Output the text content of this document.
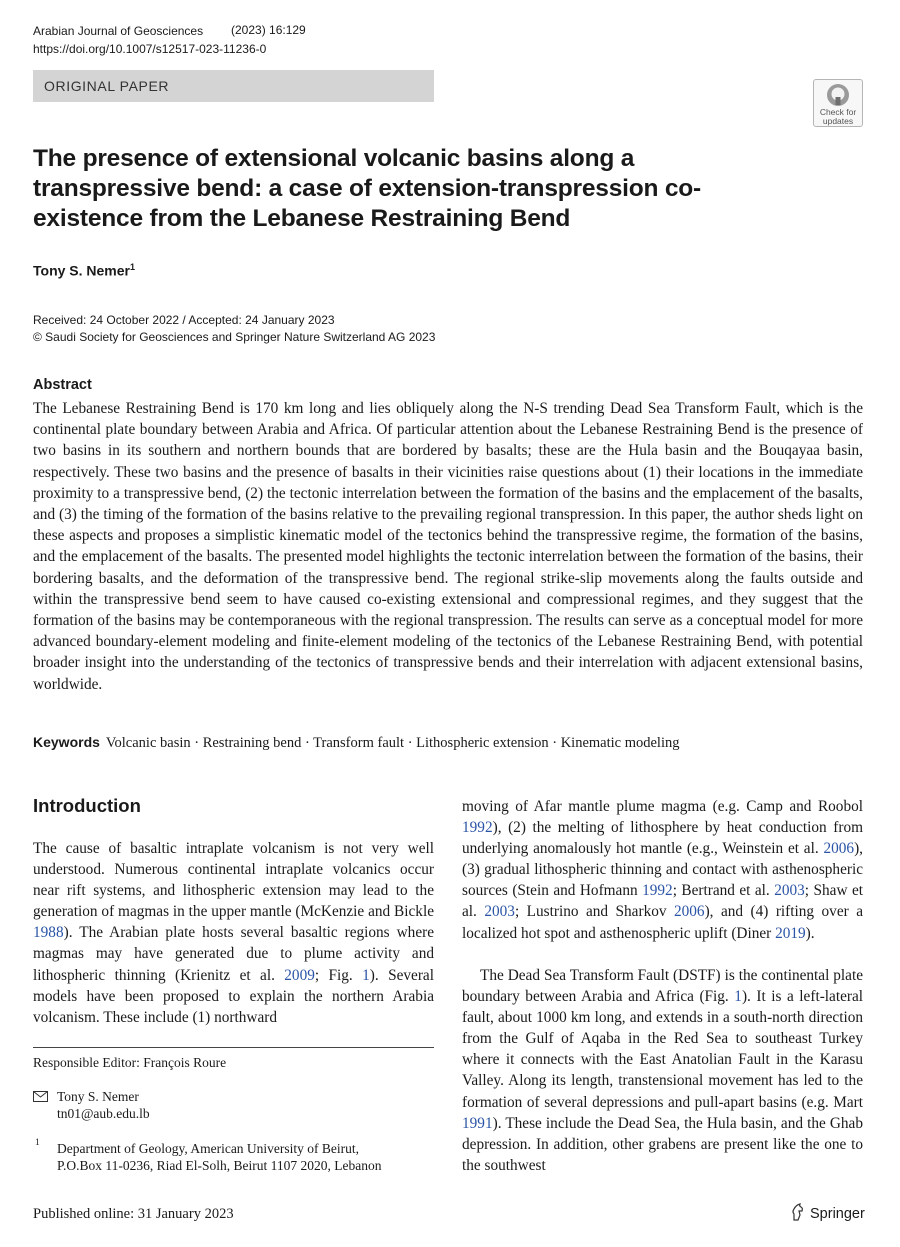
Arabian Journal of Geosciences (2023) 16:129
https://doi.org/10.1007/s12517-023-11236-0
ORIGINAL PAPER
Check for updates
The presence of extensional volcanic basins along a transpressive bend: a case of extension-transpression co-existence from the Lebanese Restraining Bend
Tony S. Nemer$^1$
Received: 24 October 2022 / Accepted: 24 January 2023
© Saudi Society for Geosciences and Springer Nature Switzerland AG 2023
Abstract

The Lebanese Restraining Bend is 170 km long and lies obliquely along the N-S trending Dead Sea Transform Fault, which is the continental plate boundary between Arabia and Africa. Of particular attention about the Lebanese Restraining Bend is the presence of two basins in its southern and northern bounds that are bordered by basalts; these are the Hula basin and the Bouqayaa basin, respectively. These two basins and the presence of basalts in their vicinities raise questions about (1) their locations in the immediate proximity to a transpressive bend, (2) the tectonic interrelation between the formation of the basins and the emplacement of the basalts, and (3) the timing of the formation of the basins relative to the prevailing regional transpression. In this paper, the author sheds light on these aspects and proposes a simplistic kinematic model of the tectonics behind the transpressive regime, the formation of the basins, and the emplacement of the basalts. The presented model highlights the tectonic interrelation between the formation of the basins, their bordering basalts, and the deformation of the transpressive bend. The regional strike-slip movements along the faults outside and within the transpressive bend seem to have caused co-existing extensional and compressional regimes, and they suggest that the formation of the basins may be contemporaneous with the regional transpression. The results can serve as a conceptual model for more advanced boundary-element modeling and finite-element modeling of the tectonics of the Lebanese Restraining Bend, with potential broader insight into the understanding of the tectonics of transpressive bends and their interrelation with adjacent extensional basins, worldwide.

Keywords Volcanic basin · Restraining bend · Transform fault · Lithospheric extension · Kinematic modeling
Introduction

The cause of basaltic intraplate volcanism is not very well understood. Numerous continental intraplate volcanics occur near rift systems, and lithospheric extension may lead to the generation of magmas in the upper mantle (McKenzie and Bickle 1988). The Arabian plate hosts several basaltic regions where magmas may have generated due to plume activity and lithospheric thinning (Krienitz et al. 2009; Fig. 1). Several models have been proposed to explain the northern Arabia volcanism. These include (1) northward

moving of Afar mantle plume magma (e.g. Camp and Roobol 1992), (2) the melting of lithosphere by heat conduction from underlying anomalously hot mantle (e.g., Weinstein et al. 2006), (3) gradual lithospheric thinning and contact with asthenospheric sources (Stein and Hofmann 1992; Bertrand et al. 2003; Shaw et al. 2003; Lustrino and Sharkov 2006), and (4) rifting over a localized hot spot and asthenospheric uplift (Diner 2019).

The Dead Sea Transform Fault (DSTF) is the continental plate boundary between Arabia and Africa (Fig. 1). It is a left-lateral fault, about 1000 km long, and extends in a south-north direction from the Gulf of Aqaba in the Red Sea to southeast Turkey where it connects with the East Anatolian Fault in the Karasu Valley. Along its length, transtensional movement has led to the formation of several depressions and pull-apart basins (e.g. Mart 1991). These include the Dead Sea, the Hula basin, and the Ghab depression. In addition, other grabens are present like the one to the southwest

Responsible Editor: François Roure
Tony S. Nemer
tn01@aub.edu.lb
1 Department of Geology, American University of Beirut,
P.O.Box 11-0236, Riad El-Solh, Beirut 1107 2020, Lebanon
Published online: 31 January 2023	Springer
